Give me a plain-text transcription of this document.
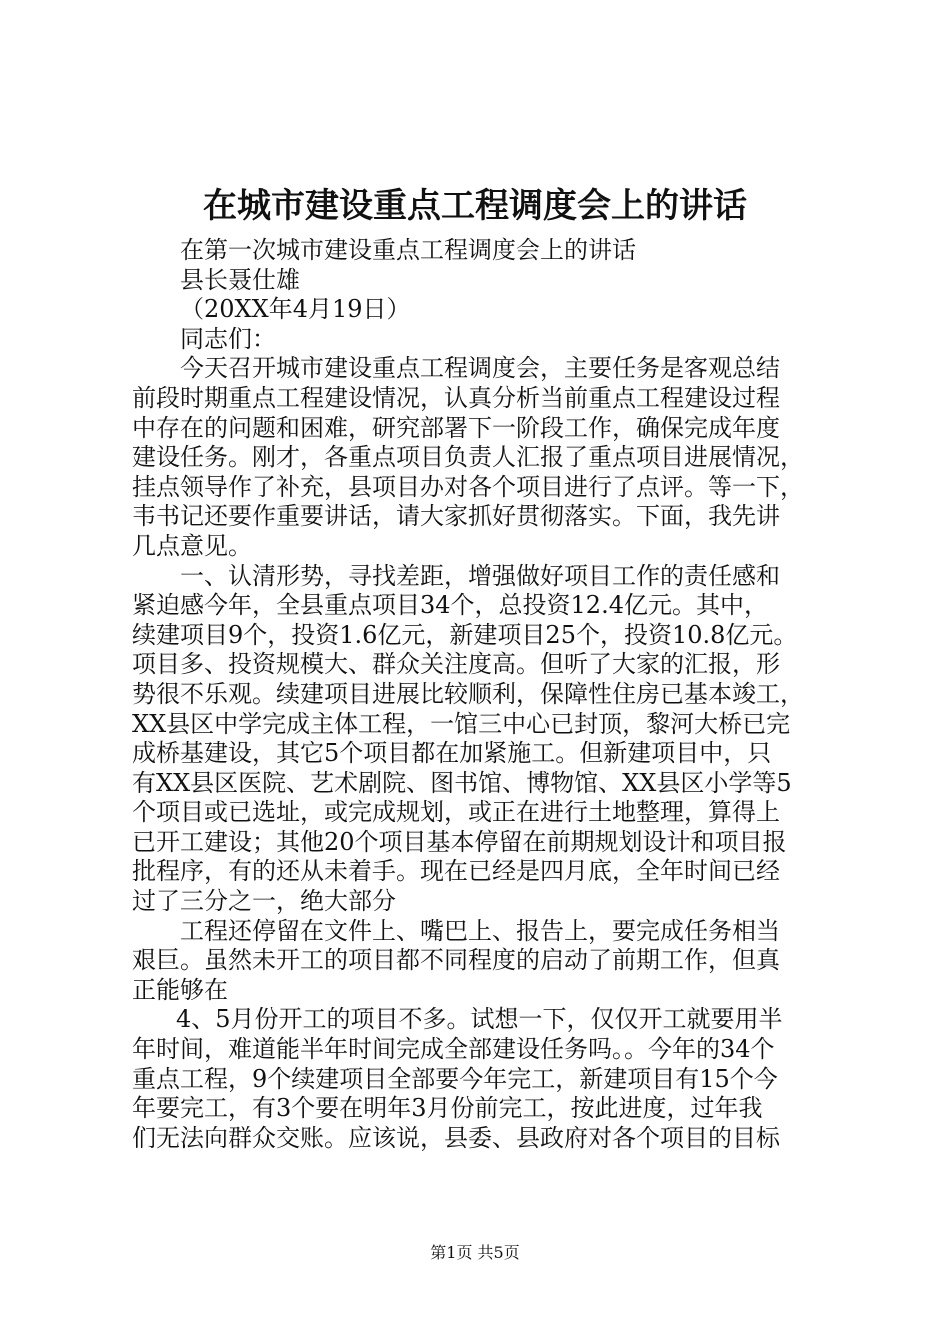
在城市建设重点工程调度会上的讲话
在第一次城市建设重点工程调度会上的讲话
县长聂仕雄
（20XX年4月19日）
同志们：
今天召开城市建设重点工程调度会，主要任务是客观总结
前段时期重点工程建设情况，认真分析当前重点工程建设过程
中存在的问题和困难，研究部署下一阶段工作，确保完成年度
建设任务。刚才，各重点项目负责人汇报了重点项目进展情况，
挂点领导作了补充，县项目办对各个项目进行了点评。等一下，
韦书记还要作重要讲话，请大家抓好贯彻落实。下面，我先讲
几点意见。
一、认清形势，寻找差距，增强做好项目工作的责任感和
紧迫感今年，全县重点项目34个，总投资12.4亿元。其中，
续建项目9个，投资1.6亿元，新建项目25个，投资10.8亿元。
项目多、投资规模大、群众关注度高。但听了大家的汇报，形
势很不乐观。续建项目进展比较顺利，保障性住房已基本竣工，
XX县区中学完成主体工程，一馆三中心已封顶，黎河大桥已完
成桥基建设，其它5个项目都在加紧施工。但新建项目中，只
有XX县区医院、艺术剧院、图书馆、博物馆、XX县区小学等5
个项目或已选址，或完成规划，或正在进行土地整理，算得上
已开工建设；其他20个项目基本停留在前期规划设计和项目报
批程序，有的还从未着手。现在已经是四月底，全年时间已经
过了三分之一，绝大部分
工程还停留在文件上、嘴巴上、报告上，要完成任务相当
艰巨。虽然未开工的项目都不同程度的启动了前期工作，但真
正能够在
4、5月份开工的项目不多。试想一下，仅仅开工就要用半
年时间，难道能半年时间完成全部建设任务吗。。今年的34个
重点工程，9个续建项目全部要今年完工，新建项目有15个今
年要完工，有3个要在明年3月份前完工，按此进度，过年我
们无法向群众交账。应该说，县委、县政府对各个项目的目标
第1页 共5页
